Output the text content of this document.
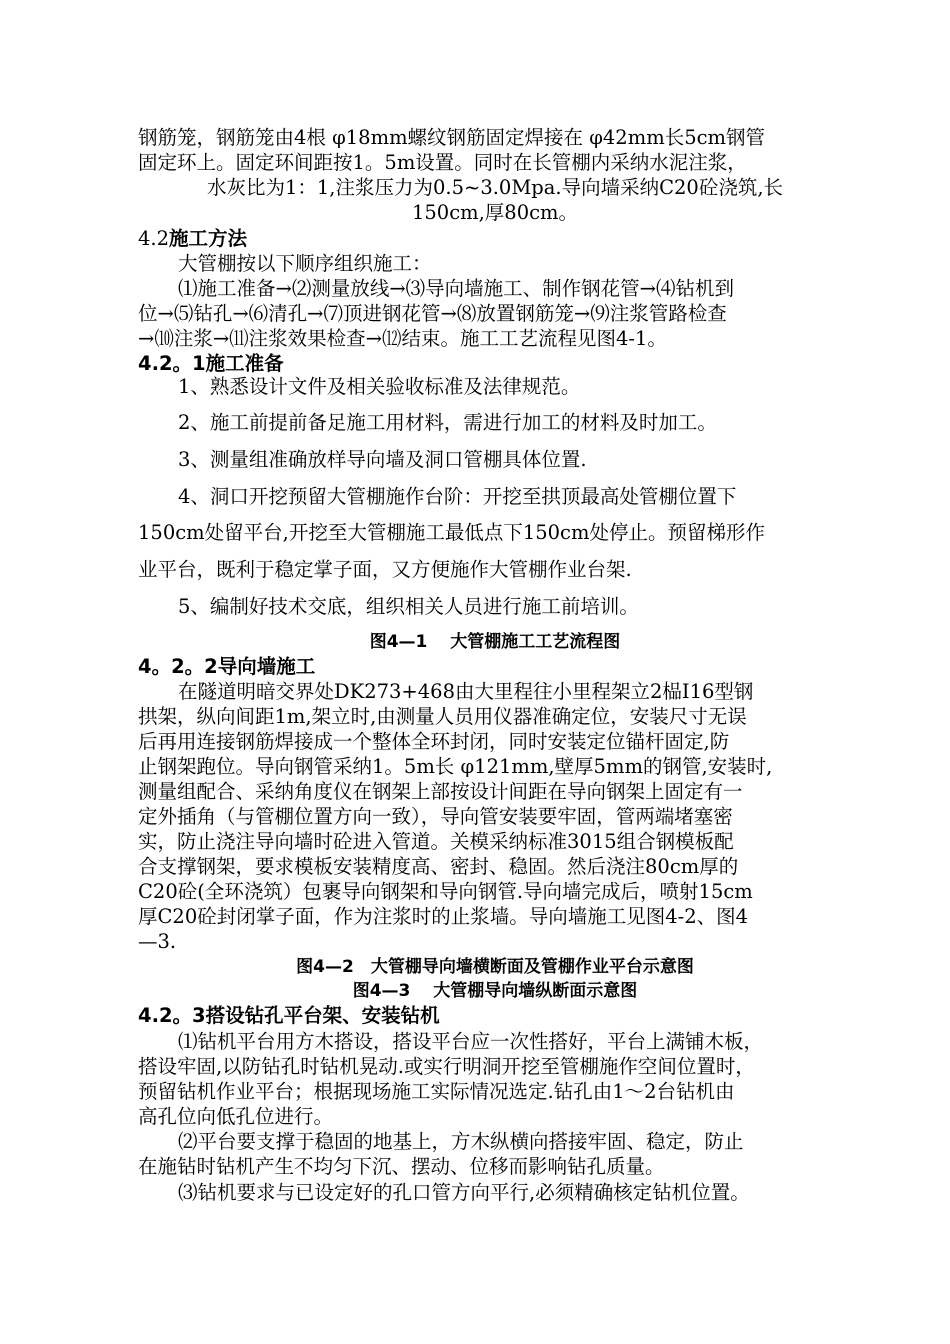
钢筋笼，钢筋笼由4根 φ18mm螺纹钢筋固定焊接在 φ42mm长5cm钢管
固定环上。固定环间距按1。5m设置。同时在长管棚内采纳水泥注浆，
水灰比为1：1,注浆压力为0.5~3.0Mpa.导向墙采纳C20砼浇筑,长
150cm,厚80cm。
4.2施工方法
大管棚按以下顺序组织施工：
⑴施工准备→⑵测量放线→⑶导向墙施工、制作钢花管→⑷钻机到
位→⑸钻孔→⑹清孔→⑺顶进钢花管→⑻放置钢筋笼→⑼注浆管路检查
→⑽注浆→⑾注浆效果检查→⑿结束。施工工艺流程见图4-1。
4.2。1施工准备
1、熟悉设计文件及相关验收标准及法律规范。
2、施工前提前备足施工用材料，需进行加工的材料及时加工。
3、测量组准确放样导向墙及洞口管棚具体位置.
4、洞口开挖预留大管棚施作台阶：开挖至拱顶最高处管棚位置下
150cm处留平台,开挖至大管棚施工最低点下150cm处停止。预留梯形作
业平台，既利于稳定掌子面，又方便施作大管棚作业台架.
5、编制好技术交底，组织相关人员进行施工前培训。
图4—1　 大管棚施工工艺流程图
4。2。2导向墙施工
在隧道明暗交界处DK273+468由大里程往小里程架立2榀Ⅰ16型钢
拱架，纵向间距1m,架立时,由测量人员用仪器准确定位，安装尺寸无误
后再用连接钢筋焊接成一个整体全环封闭，同时安装定位锚杆固定,防
止钢架跑位。导向钢管采纳1。5m长 φ121mm,壁厚5mm的钢管,安装时,
测量组配合、采纳角度仪在钢架上部按设计间距在导向钢架上固定有一
定外插角（与管棚位置方向一致），导向管安装要牢固，管两端堵塞密
实，防止浇注导向墙时砼进入管道。关模采纳标准3015组合钢模板配
合支撑钢架，要求模板安装精度高、密封、稳固。然后浇注80cm厚的
C20砼(全环浇筑）包裹导向钢架和导向钢管.导向墙完成后，喷射15cm
厚C20砼封闭掌子面，作为注浆时的止浆墙。导向墙施工见图4-2、图4
—3.
图4—2　大管棚导向墙横断面及管棚作业平台示意图
图4—3　 大管棚导向墙纵断面示意图
4.2。3搭设钻孔平台架、安装钻机
⑴钻机平台用方木搭设，搭设平台应一次性搭好，平台上满铺木板，
搭设牢固,以防钻孔时钻机晃动.或实行明洞开挖至管棚施作空间位置时，
预留钻机作业平台；根据现场施工实际情况选定.钻孔由1～2台钻机由
高孔位向低孔位进行。
⑵平台要支撑于稳固的地基上，方木纵横向搭接牢固、稳定，防止
在施钻时钻机产生不均匀下沉、摆动、位移而影响钻孔质量。
⑶钻机要求与已设定好的孔口管方向平行,必须精确核定钻机位置。
